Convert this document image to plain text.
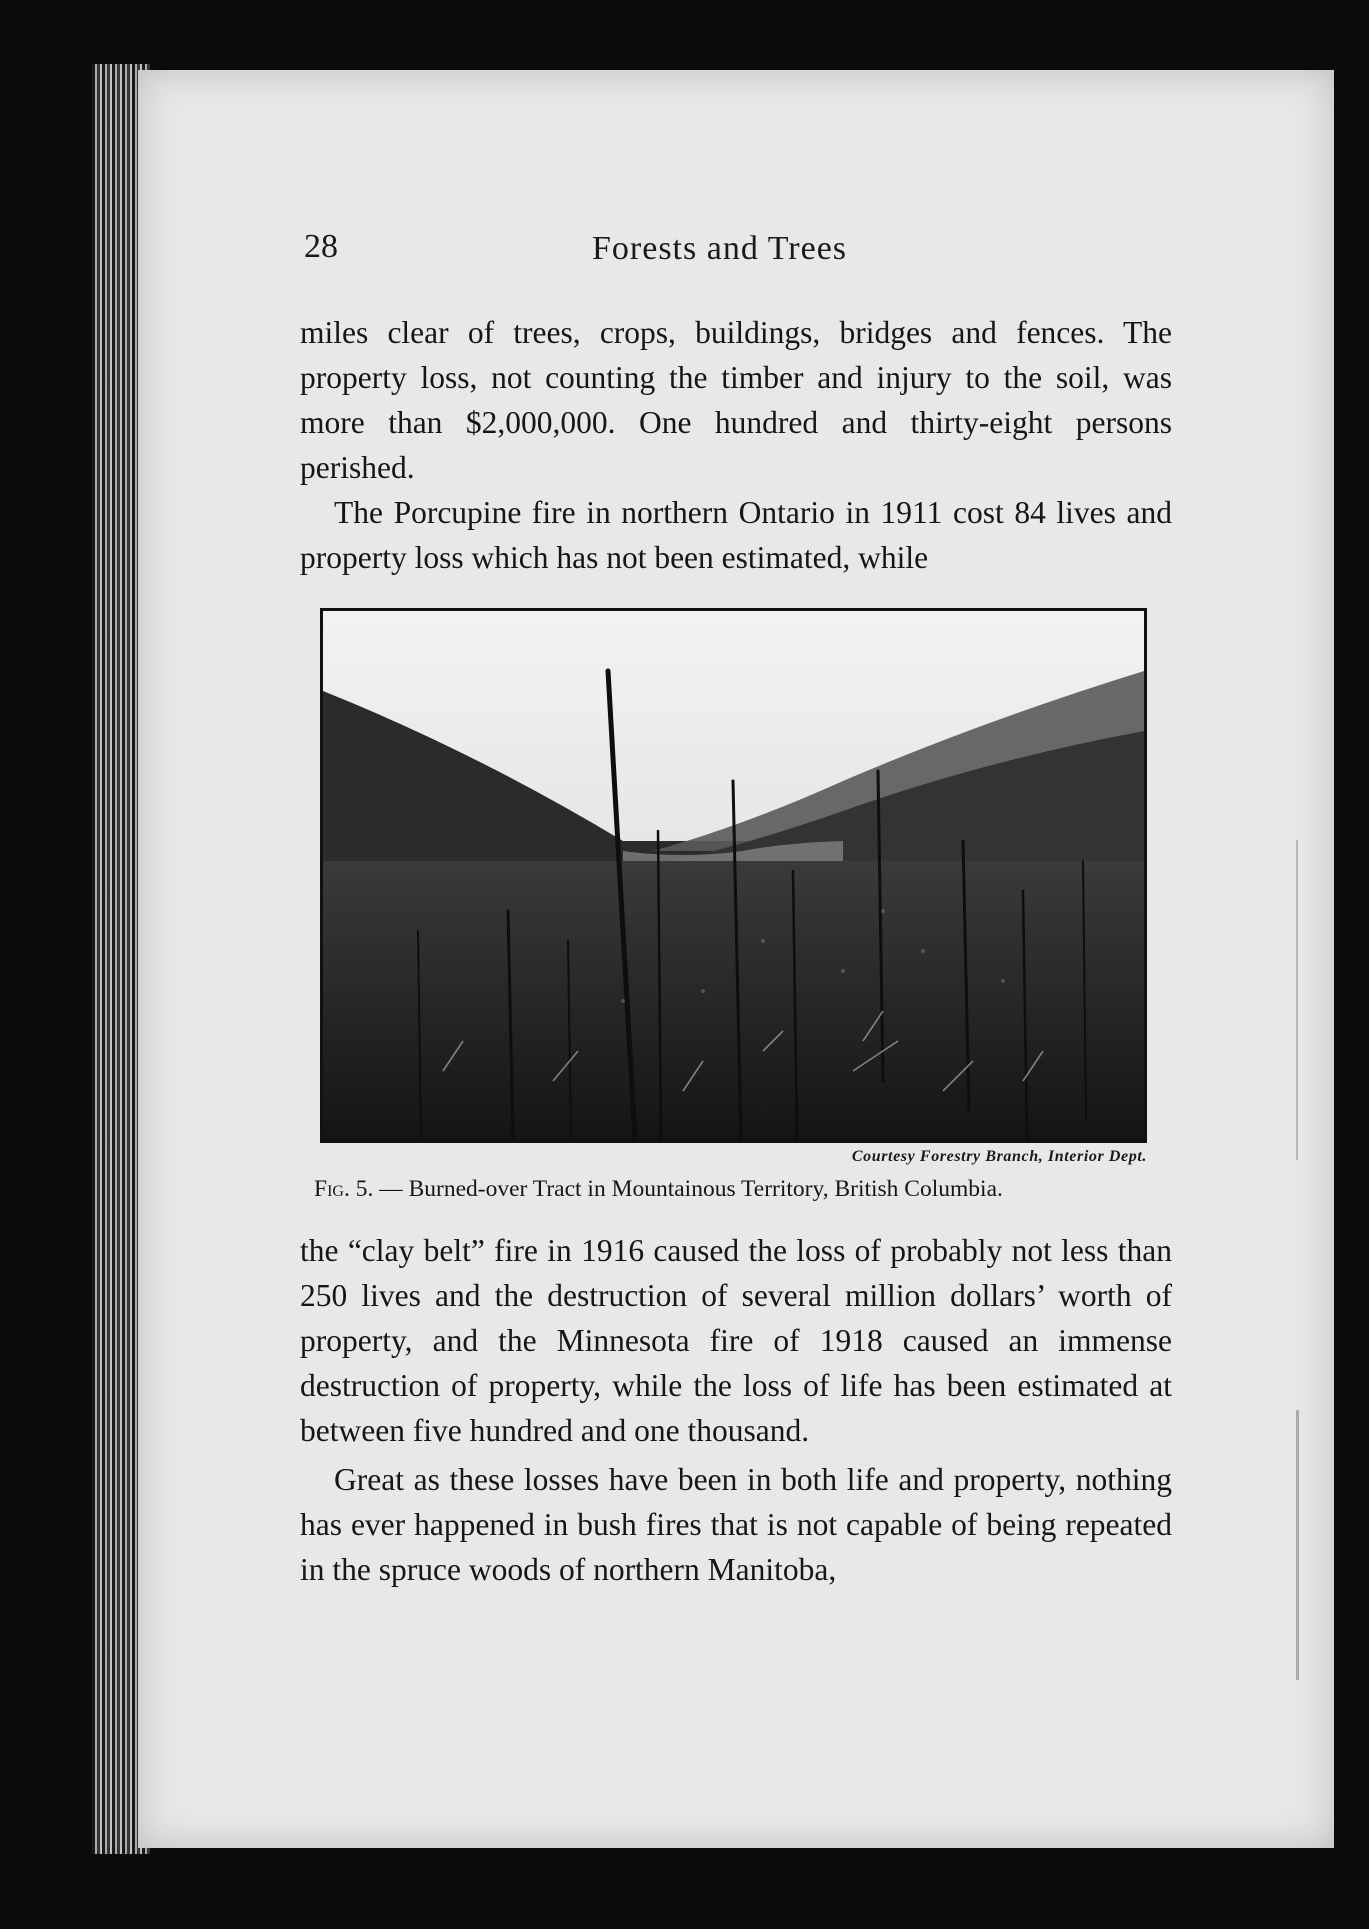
28	Forests and Trees

miles clear of trees, crops, buildings, bridges and fences. The property loss, not counting the timber and injury to the soil, was more than $2,000,000. One hundred and thirty-eight persons perished.

The Porcupine fire in northern Ontario in 1911 cost 84 lives and property loss which has not been estimated, while

Courtesy Forestry Branch, Interior Dept.
Fig. 5. — Burned-over Tract in Mountainous Territory, British Columbia.

the “clay belt” fire in 1916 caused the loss of probably not less than 250 lives and the destruction of several million dollars’ worth of property, and the Minnesota fire of 1918 caused an immense destruction of property, while the loss of life has been estimated at between five hundred and one thousand.

Great as these losses have been in both life and property, nothing has ever happened in bush fires that is not capable of being repeated in the spruce woods of northern Manitoba,
